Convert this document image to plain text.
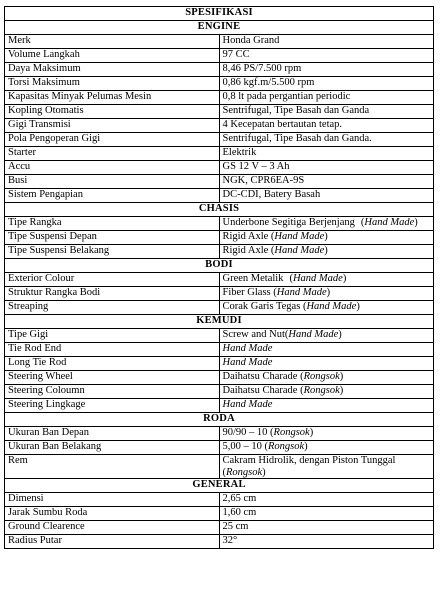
SPESIFIKASI	
ENGINE	
Merk	Honda Grand
Volume Langkah	97 CC
Daya Maksimum	8,46 PS/7.500 rpm
Torsi Maksimum	0,86 kgf.m/5.500 rpm
Kapasitas Minyak Pelumas Mesin	0,8 lt pada pergantian periodic
Kopling Otomatis	Sentrifugal, Tipe Basah dan Ganda
Gigi Transmisi	4 Kecepatan bertautan tetap.
Pola Pengoperan Gigi	Sentrifugal, Tipe Basah dan Ganda.
Starter	Elektrik
Accu	GS 12 V – 3 Ah
Busi	NGK, CPR6EA-9S
Sistem Pengapian	DC-CDI, Batery Basah
CHASIS	
Tipe Rangka	Underbone Segitiga Berjenjang (Hand Made)
Tipe Suspensi Depan	Rigid Axle (Hand Made)
Tipe Suspensi Belakang	Rigid Axle (Hand Made)
BODI	
Exterior Colour	Green Metalik (Hand Made)
Struktur Rangka Bodi	Fiber Glass (Hand Made)
Streaping	Corak Garis Tegas (Hand Made)
KEMUDI	
Tipe Gigi	Screw and Nut(Hand Made)
Tie Rod End	Hand Made
Long Tie Rod	Hand Made
Steering Wheel	Daihatsu Charade (Rongsok)
Steering Coloumn	Daihatsu Charade (Rongsok)
Steering Lingkage	Hand Made
RODA	
Ukuran Ban Depan	90/90 – 10 (Rongsok)
Ukuran Ban Belakang	5,00 – 10 (Rongsok)
Rem	Cakram Hidrolik, dengan Piston Tunggal
(Rongsok)
GENERAL	
Dimensi	2,65 cm
Jarak Sumbu Roda	1,60 cm
Ground Clearence	25 cm
Radius Putar	32°
